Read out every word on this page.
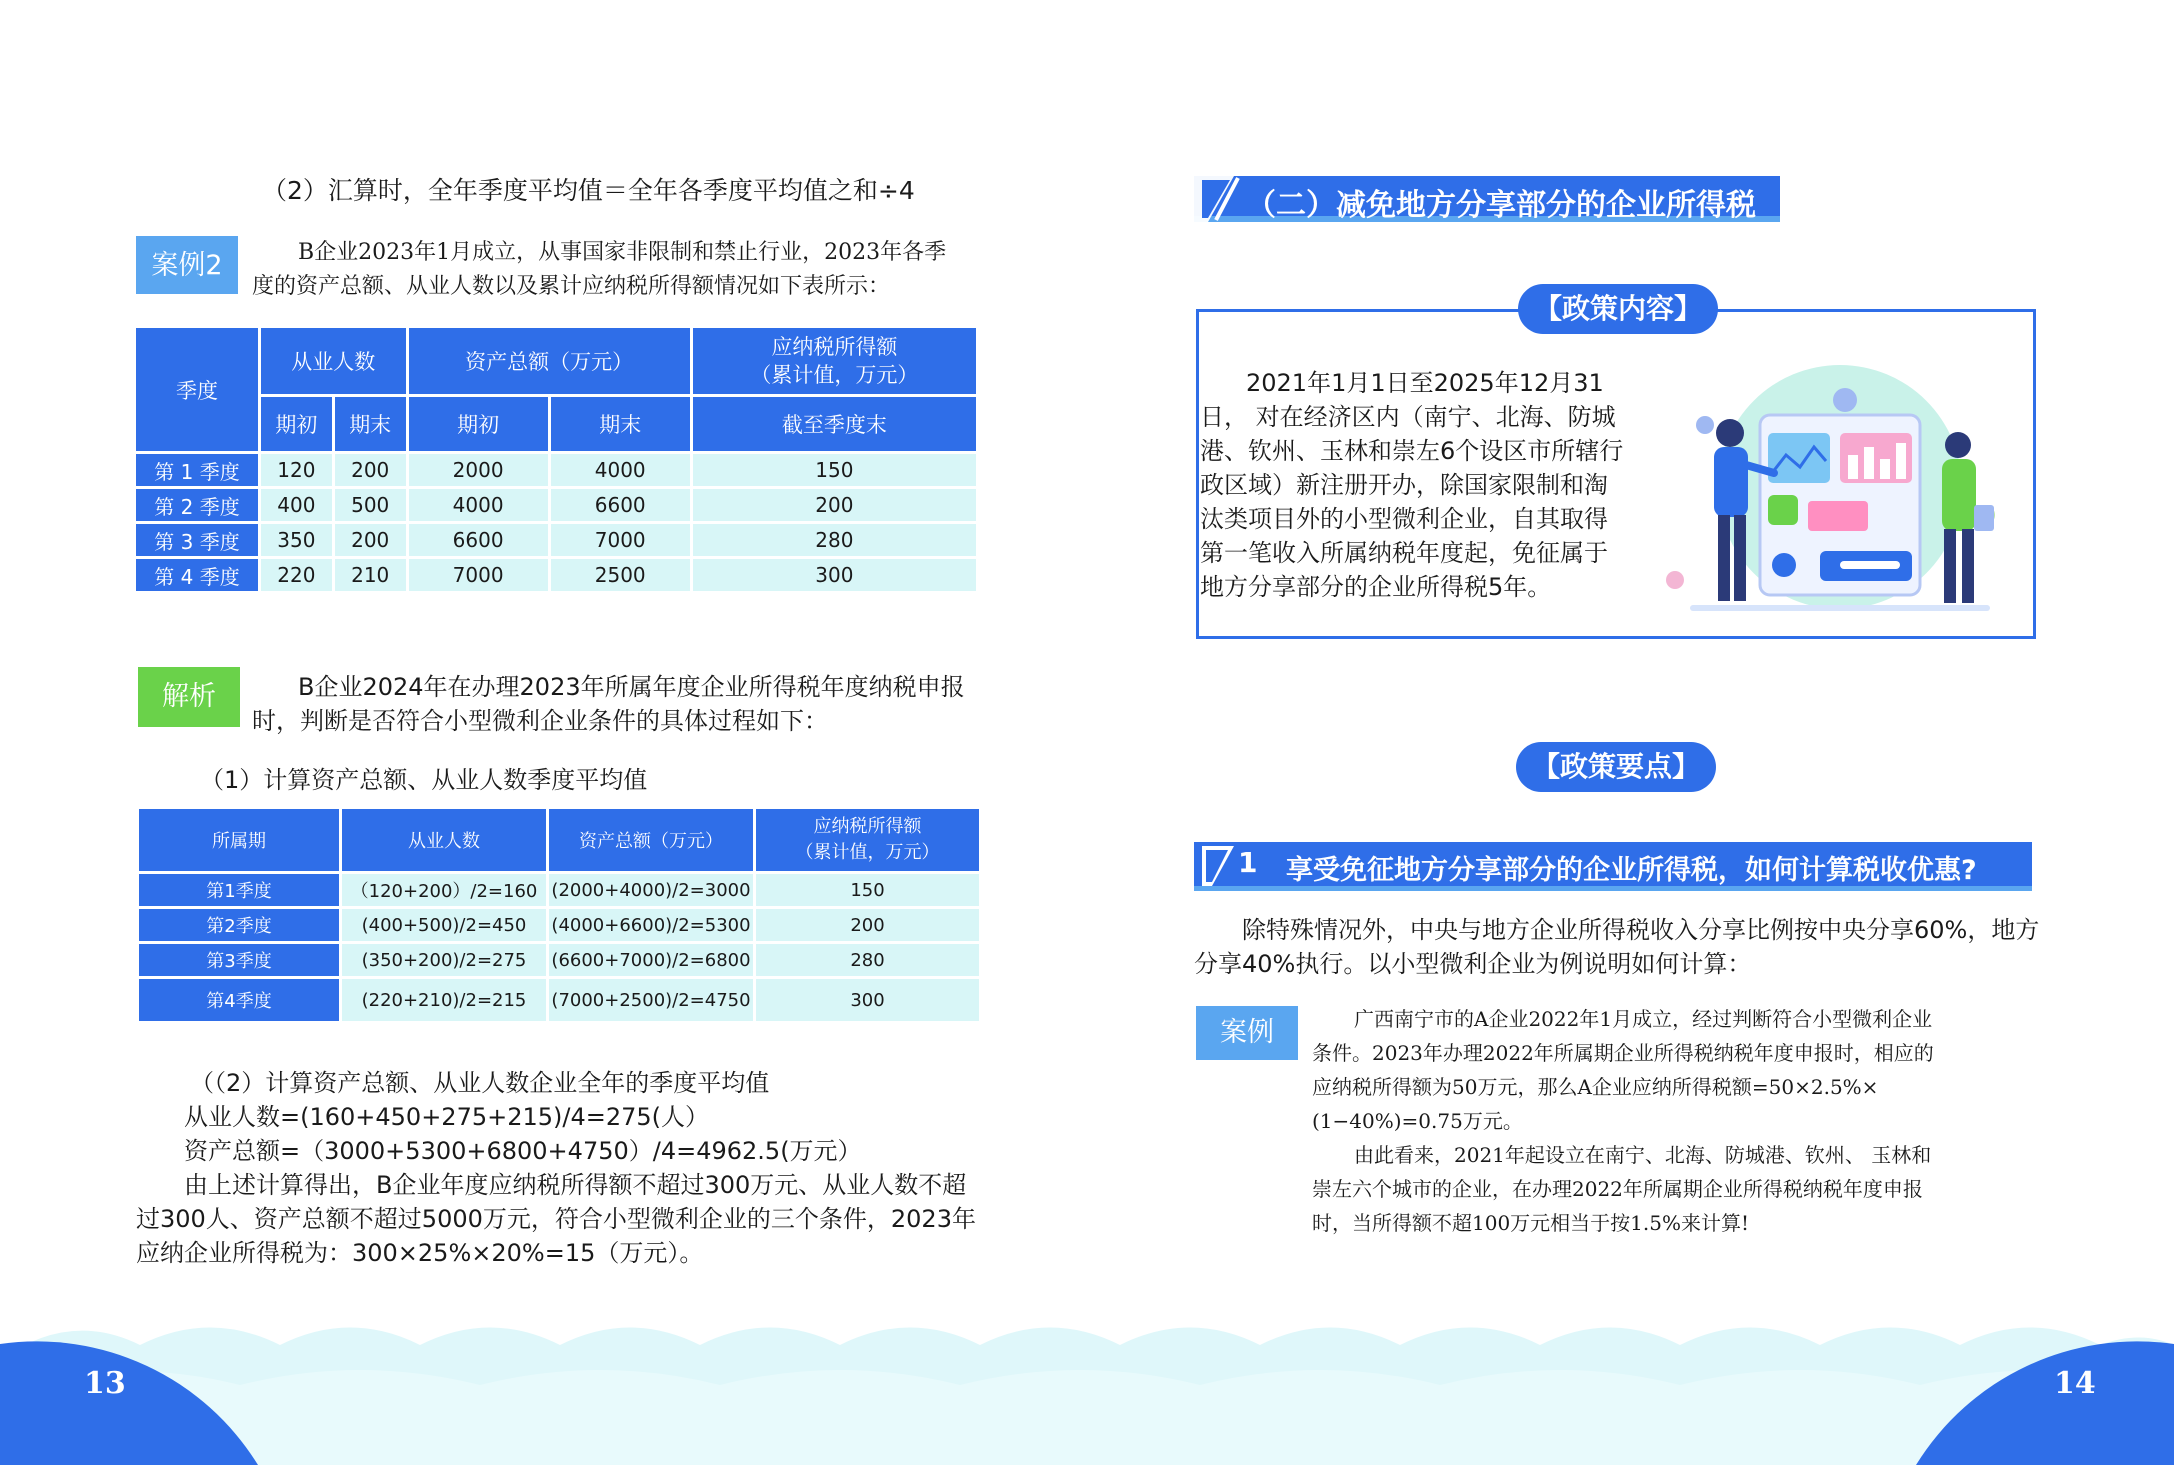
（2）汇算时，全年季度平均值＝全年各季度平均值之和÷4
案例2	B企业2023年1月成立，从事国家非限制和禁止行业，2023年各季
度的资产总额、从业人数以及累计应纳税所得额情况如下表所示：
季度	从业人数		资产总额（万元）		应纳税所得额
（累计值，万元）

	期初	期末	期初	期末	截至季度末
第 1 季度	120	200	2000	4000	150
第 2 季度	400	500	4000	6600	200
第 3 季度	350	200	6600	7000	280
第 4 季度	220	210	7000	2500	300
解析	B企业2024年在办理2023年所属年度企业所得税年度纳税申报
时，判断是否符合小型微利企业条件的具体过程如下：
（1）计算资产总额、从业人数季度平均值
所属期	从业人数	资产总额（万元）	应纳税所得额
（累计值，万元）

第1季度	（120+200）/2=160	(2000+4000)/2=3000	150
第2季度	(400+500)/2=450	(4000+6600)/2=5300	200
第3季度	(350+200)/2=275	(6600+7000)/2=6800	280
第4季度	(220+210)/2=215	(7000+2500)/2=4750	300
（（2）计算资产总额、从业人数企业全年的季度平均值
从业人数=(160+450+275+215)/4=275(人）
资产总额=（3000+5300+6800+4750）/4=4962.5(万元）
由上述计算得出，B企业年度应纳税所得额不超过300万元、从业人数不超
过300人、资产总额不超过5000万元，符合小型微利企业的三个条件，2023年
应纳企业所得税为：300×25%×20%=15（万元）。
（二）减免地方分享部分的企业所得税政策
【政策内容】
2021年1月1日至2025年12月31
日， 对在经济区内（南宁、北海、防城
港、钦州、玉林和崇左6个设区市所辖行
政区域）新注册开办，除国家限制和淘
汰类项目外的小型微利企业，自其取得
第一笔收入所属纳税年度起，免征属于
地方分享部分的企业所得税5年。
【政策要点】
1 享受免征地方分享部分的企业所得税，如何计算税收优惠?
除特殊情况外，中央与地方企业所得税收入分享比例按中央分享60%，地方
分享40%执行。以小型微利企业为例说明如何计算：
案例	广西南宁市的A企业2022年1月成立，经过判断符合小型微利企业
条件。2023年办理2022年所属期企业所得税纳税年度申报时，相应的
应纳税所得额为50万元，那么A企业应纳所得税额=50×2.5%×
(1−40%)=0.75万元。
由此看来，2021年起设立在南宁、北海、防城港、钦州、 玉林和
崇左六个城市的企业，在办理2022年所属期企业所得税纳税年度申报
时，当所得额不超100万元相当于按1.5%来计算!
13	14
